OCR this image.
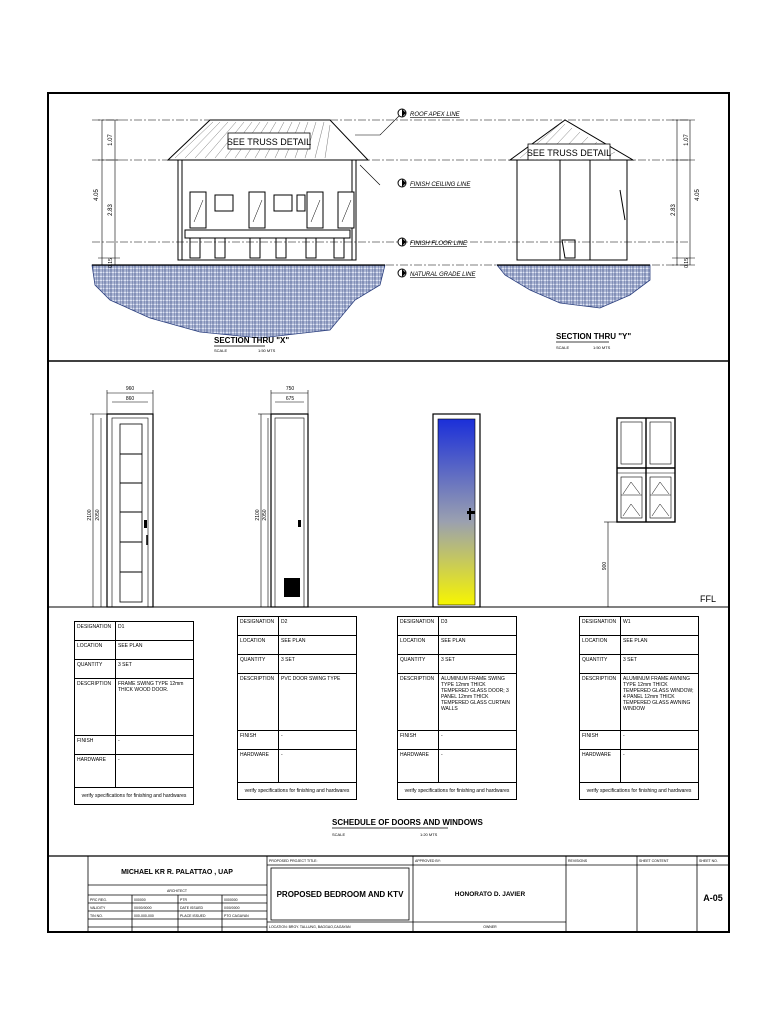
SEE TRUSS DETAIL
SEE TRUSS DETAIL
ROOF APEX LINE
FINISH CEILING LINE
FINISH FLOOR LINE
NATURAL GRADE LINE
4.05
1.07
2.83
0.15
4.05
1.07
2.83
0.15
SECTION THRU "X"
SCALE	1:50 MTS
SECTION THRU "Y"
SCALE	1:50 MTS
960
860
2100 2050
750
675
2100 2050
900
FFL
SCHEDULE OF DOORS AND WINDOWS
SCALE	1:20 MTS
MICHAEL KR R. PALATTAO , UAP
ARCHITECT
PRC REG.	000000	PTR	0000000
VALIDITY	00/00/0000	DATE ISSUED	0/00/0000
TIN NO.	000-000-000	PLACE ISSUED	PTO CAGAYAN
PROPOSED PROJECT TITLE:
PROPOSED BEDROOM AND KTV
LOCATION: BRGY. TALLUNG, BAGGAO,CAGAYAN
APPROVED BY:
HONORATO D. JAVIER
OWNER
REVISIONS	SHEET CONTENT	SHEET NO.
A-05
DESIGNATION	D1
LOCATION	SEE PLAN
QUANTITY	3 SET
DESCRIPTION	FRAME SWING TYPE 12mm THICK WOOD DOOR.
FINISH	-
HARDWARE	-
verify specifications for finishing and hardwares
DESIGNATION	D2
LOCATION	SEE PLAN
QUANTITY	3 SET
DESCRIPTION	PVC DOOR SWING TYPE
FINISH	-
HARDWARE	-
verify specifications for finishing and hardwares
DESIGNATION	D3
LOCATION	SEE PLAN
QUANTITY	3 SET
DESCRIPTION	ALUMINUM FRAME SWING TYPE 12mm THICK TEMPERED GLASS DOOR; 3 PANEL 12mm THICK TEMPERED GLASS CURTAIN WALLS
FINISH	-
HARDWARE	-
verify specifications for finishing and hardwares
DESIGNATION	W1
LOCATION	SEE PLAN
QUANTITY	3 SET
DESCRIPTION	ALUMINUM FRAME AWNING TYPE 12mm THICK TEMPERED GLASS WINDOW; 4 PANEL 12mm THICK TEMPERED GLASS AWNING WINDOW
FINISH	-
HARDWARE	-
verify specifications for finishing and hardwares
